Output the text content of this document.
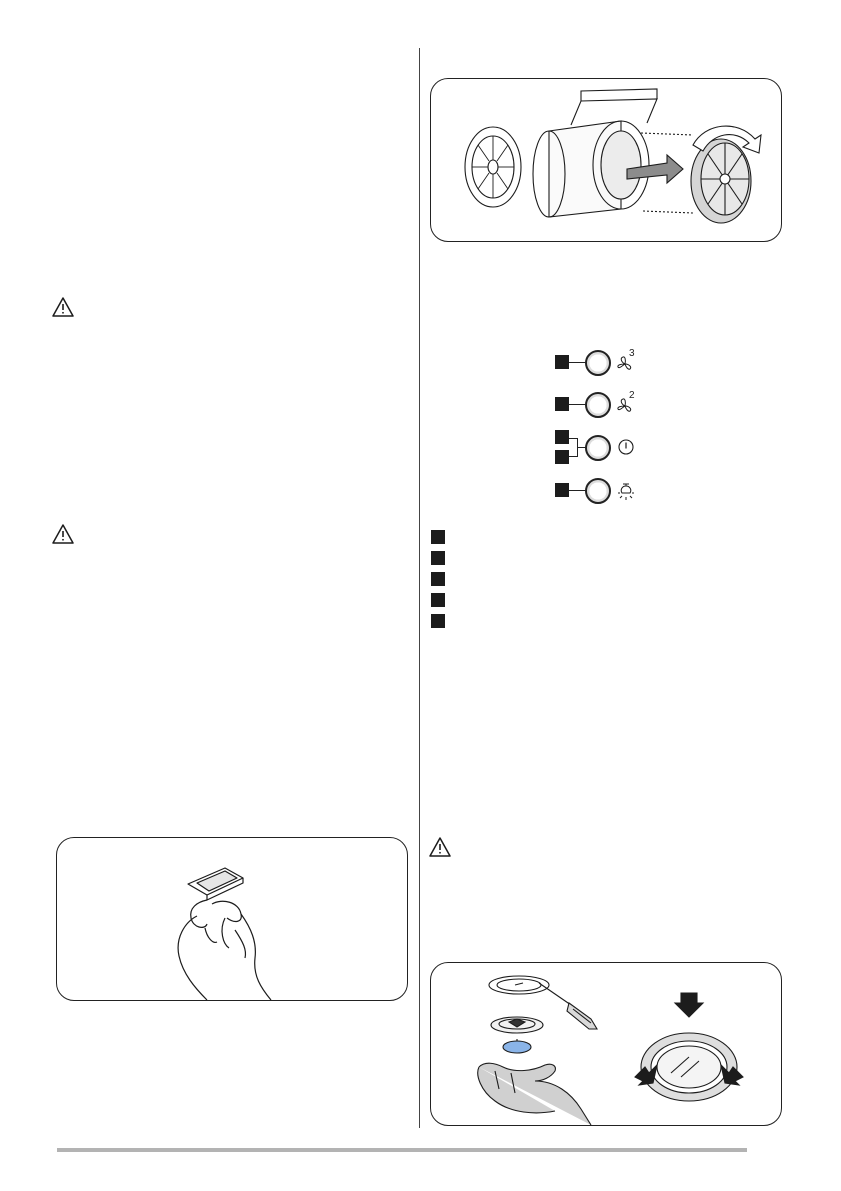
3
2
